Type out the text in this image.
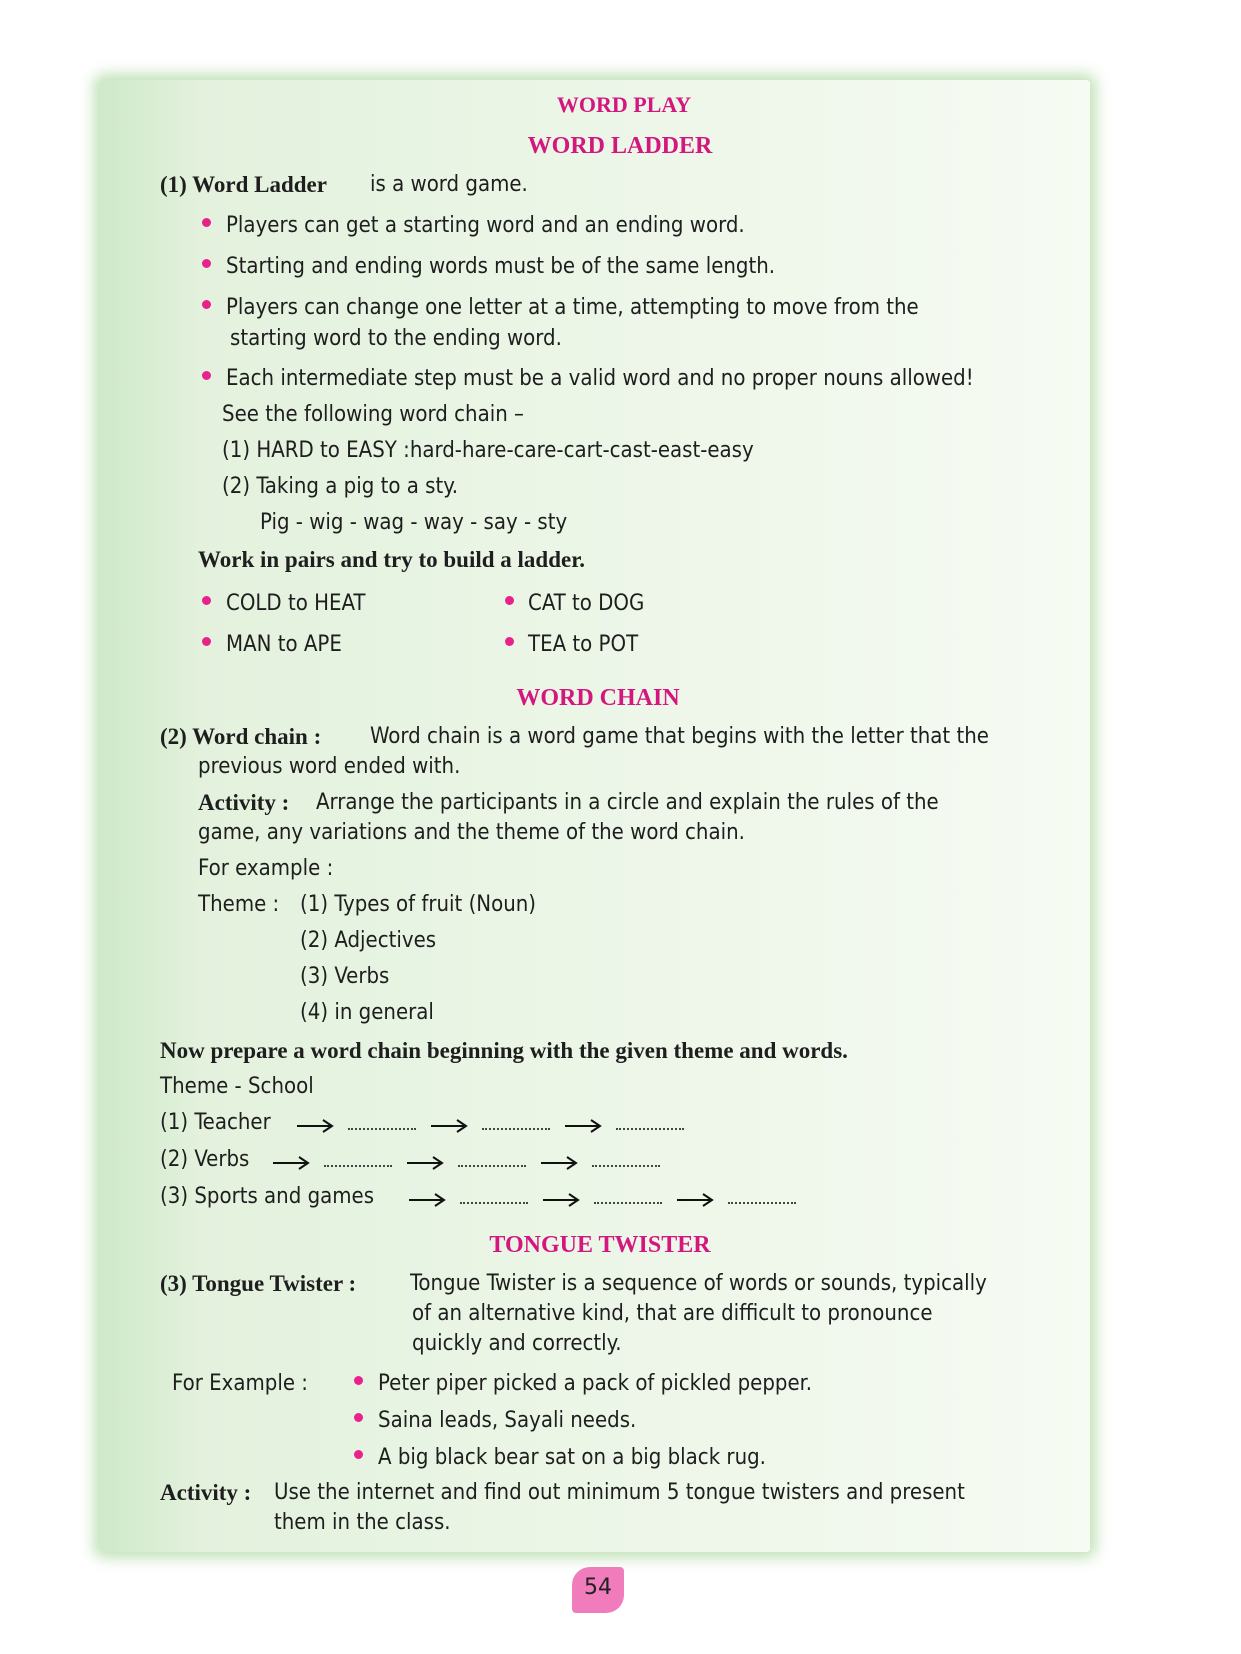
WORD PLAY

WORD LADDER

(1) Word Ladder is a word game.

Players can get a starting word and an ending word.

Starting and ending words must be of the same length.

Players can change one letter at a time, attempting to move from the

starting word to the ending word.

Each intermediate step must be a valid word and no proper nouns allowed!

See the following word chain –

(1) HARD to EASY :hard-hare-care-cart-cast-east-easy

(2) Taking a pig to a sty.

Pig - wig - wag - way - say - sty

Work in pairs and try to build a ladder.

COLD to HEAT	CAT to DOG

MAN to APE	TEA to POT

WORD CHAIN

(2) Word chain : Word chain is a word game that begins with the letter that the

previous word ended with.

Activity : Arrange the participants in a circle and explain the rules of the

game, any variations and the theme of the word chain.

For example :

Theme : (1) Types of fruit (Noun)

(2) Adjectives

(3) Verbs

(4) in general

Now prepare a word chain beginning with the given theme and words.

Theme - School

(1) Teacher

(2) Verbs

(3) Sports and games

TONGUE TWISTER

(3) Tongue Twister : Tongue Twister is a sequence of words or sounds, typically

of an alternative kind, that are difficult to pronounce

quickly and correctly.

For Example :	Peter piper picked a pack of pickled pepper.

Saina leads, Sayali needs.

A big black bear sat on a big black rug.

Activity : Use the internet and find out minimum 5 tongue twisters and present

them in the class.

54
